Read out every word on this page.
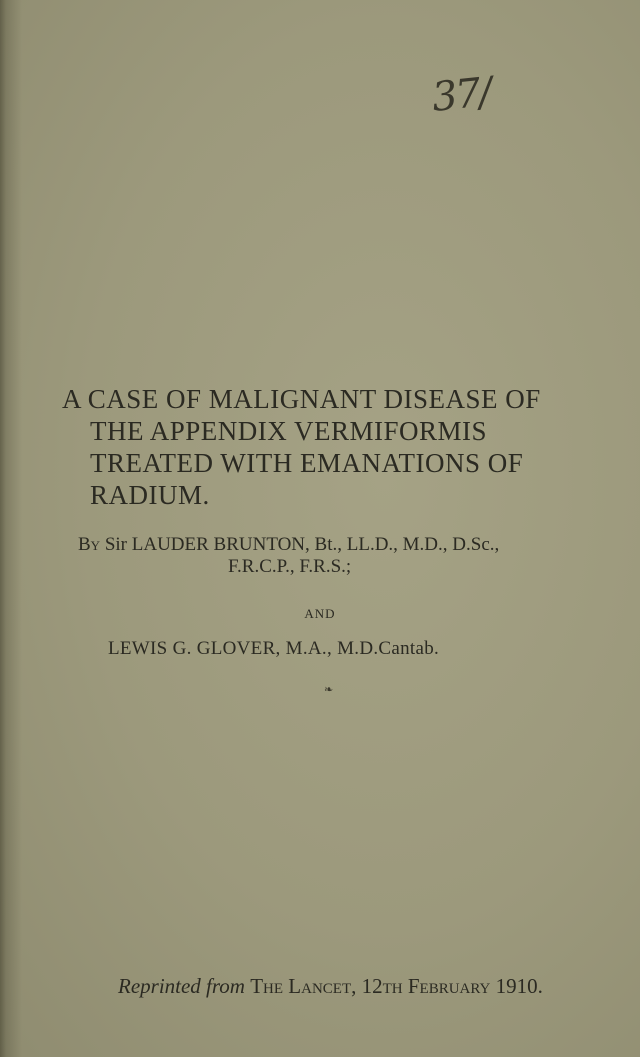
37/
A CASE OF MALIGNANT DISEASE OF
THE APPENDIX VERMIFORMIS
TREATED WITH EMANATIONS OF
RADIUM.
By Sir LAUDER BRUNTON, Bt., LL.D., M.D., D.Sc.,
F.R.C.P., F.R.S.;
AND
LEWIS G. GLOVER, M.A., M.D.Cantab.
❧
Reprinted from The Lancet, 12th February 1910.
